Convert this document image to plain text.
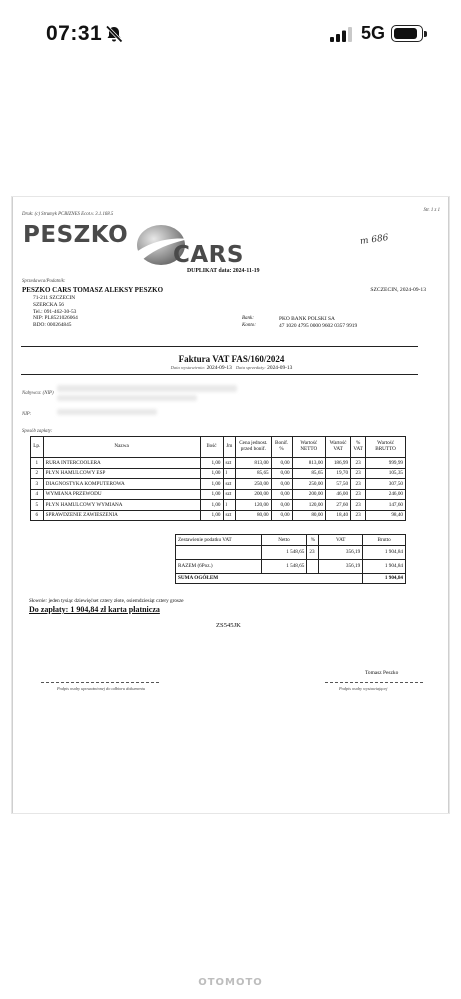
07:31	5G
Druk: (c) Strumyk PCBIZNES Ecot.v. 3.1.168.5
Str. 1 z 1
PESZKO
CARS
m 686
DUPLIKAT data: 2024-11-19
Sprzedawca/Podatnik:
PESZKO CARS TOMASZ ALEKSY PESZKO
71-211 SZCZECIN
SZERCKA 56
Tel.: 091-462-30-53
NIP: PL8521026064
BDO: 000264845
SZCZECIN, 2024-09-13
Bank:	PKO BANK POLSKI SA
Konto:	47 1020 4795 0000 9602 0357 9919
Faktura VAT FAS/160/2024
Data wystawienia: 2024-09-13 Data sprzedaży: 2024-09-13
Nabywca: (NIP)
NIP:
Sposób zapłaty:
Lp.	Nazwa	Ilość	Jm	Cena jednost. przed bonif.	Bonif. %	Wartość NETTO	Wartość VAT	% VAT	Wartość BRUTTO
1	RURA INTERCOOLERA	1,00	szt	813,00	0,00	813,00	186,99	23	999,99
2	PŁYN HAMULCOWY ESP	1,00	l	85,65	0,00	85,65	19,70	23	105,35
3	DIAGNOSTYKA KOMPUTEROWA	1,00	szt	250,00	0,00	250,00	57,50	23	307,50
4	WYMIANA PRZEWODU	1,00	szt	200,00	0,00	200,00	46,00	23	246,00
5	PŁYN HAMULCOWY WYMIANA	1,00	l	120,00	0,00	120,00	27,60	23	147,60
6	SPRAWDZENIE ZAWIESZENIA	1,00	szt	80,00	0,00	80,00	18,40	23	98,40
Zestawienie podatku VAT	Netto	%	VAT	Brutto
	1 548,65	23	356,19	1 904,84
RAZEM (6Poz.)	1 548,65		356,19	1 904,84
SUMA OGÓŁEM				1 904,84
Słownie: jeden tysiąc dziewięćset cztery złote, osiemdziesiąt cztery grosze
Do zapłaty: 1 904,84 zł karta płatnicza
ZS545JK
Tomasz Peszko
Podpis osoby upoważnionej do odbioru dokumentu	Podpis osoby wystawiającej
OTOMOTO
